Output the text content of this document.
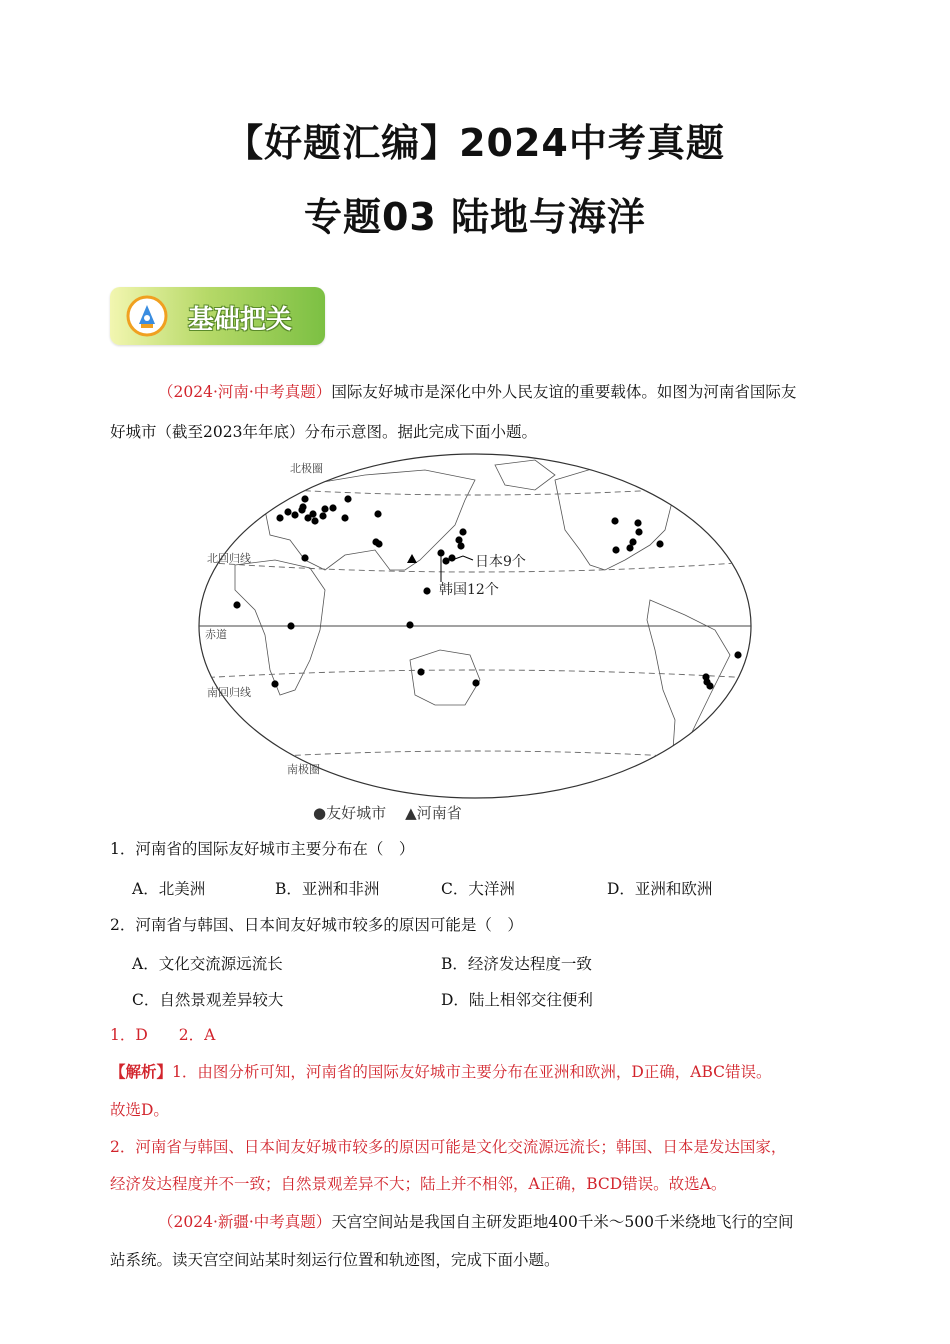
【好题汇编】2024中考真题
专题03 陆地与海洋
基础把关
（2024·河南·中考真题）国际友好城市是深化中外人民友谊的重要载体。如图为河南省国际友
好城市（截至2023年年底）分布示意图。据此完成下面小题。
北极圈
北回归线
赤道
南回归线
南极圈
日本9个
韩国12个
●友好城市 ▲河南省
1．河南省的国际友好城市主要分布在（　）
A．北美洲	B．亚洲和非洲	C．大洋洲	D．亚洲和欧洲
2．河南省与韩国、日本间友好城市较多的原因可能是（　）
A．文化交流源远流长	B．经济发达程度一致
C．自然景观差异较大	D．陆上相邻交往便利
1．D　　2．A
【解析】1．由图分析可知，河南省的国际友好城市主要分布在亚洲和欧洲，D正确，ABC错误。
故选D。
2．河南省与韩国、日本间友好城市较多的原因可能是文化交流源远流长；韩国、日本是发达国家，
经济发达程度并不一致；自然景观差异不大；陆上并不相邻，A正确，BCD错误。故选A。
（2024·新疆·中考真题）天宫空间站是我国自主研发距地400千米～500千米绕地飞行的空间
站系统。读天宫空间站某时刻运行位置和轨迹图，完成下面小题。
